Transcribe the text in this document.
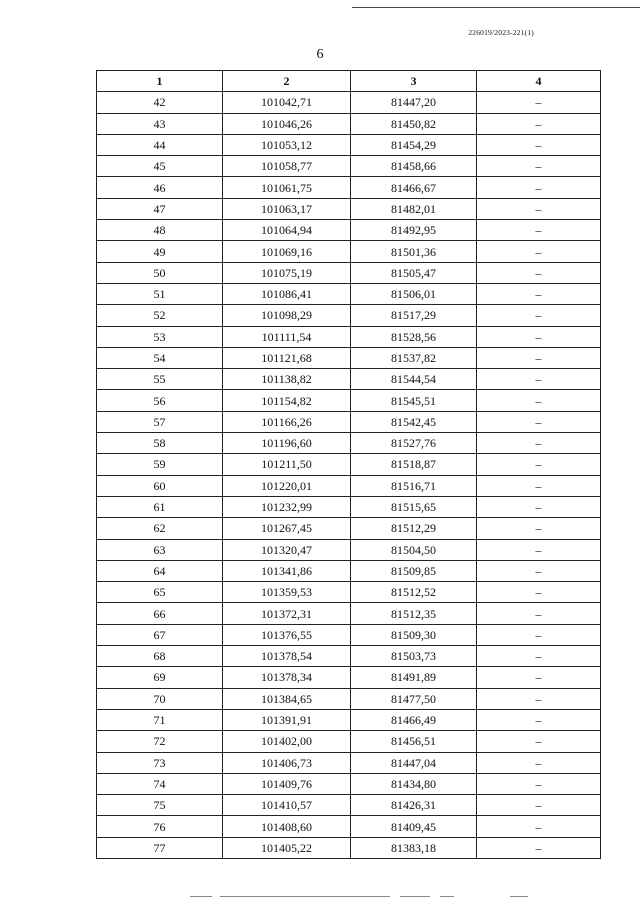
226019/2023-221(1)
6
1	2	3	4
42	101042,71	81447,20	–
43	101046,26	81450,82	–
44	101053,12	81454,29	–
45	101058,77	81458,66	–
46	101061,75	81466,67	–
47	101063,17	81482,01	–
48	101064,94	81492,95	–
49	101069,16	81501,36	–
50	101075,19	81505,47	–
51	101086,41	81506,01	–
52	101098,29	81517,29	–
53	101111,54	81528,56	–
54	101121,68	81537,82	–
55	101138,82	81544,54	–
56	101154,82	81545,51	–
57	101166,26	81542,45	–
58	101196,60	81527,76	–
59	101211,50	81518,87	–
60	101220,01	81516,71	–
61	101232,99	81515,65	–
62	101267,45	81512,29	–
63	101320,47	81504,50	–
64	101341,86	81509,85	–
65	101359,53	81512,52	–
66	101372,31	81512,35	–
67	101376,55	81509,30	–
68	101378,54	81503,73	–
69	101378,34	81491,89	–
70	101384,65	81477,50	–
71	101391,91	81466,49	–
72	101402,00	81456,51	–
73	101406,73	81447,04	–
74	101409,76	81434,80	–
75	101410,57	81426,31	–
76	101408,60	81409,45	–
77	101405,22	81383,18	–
